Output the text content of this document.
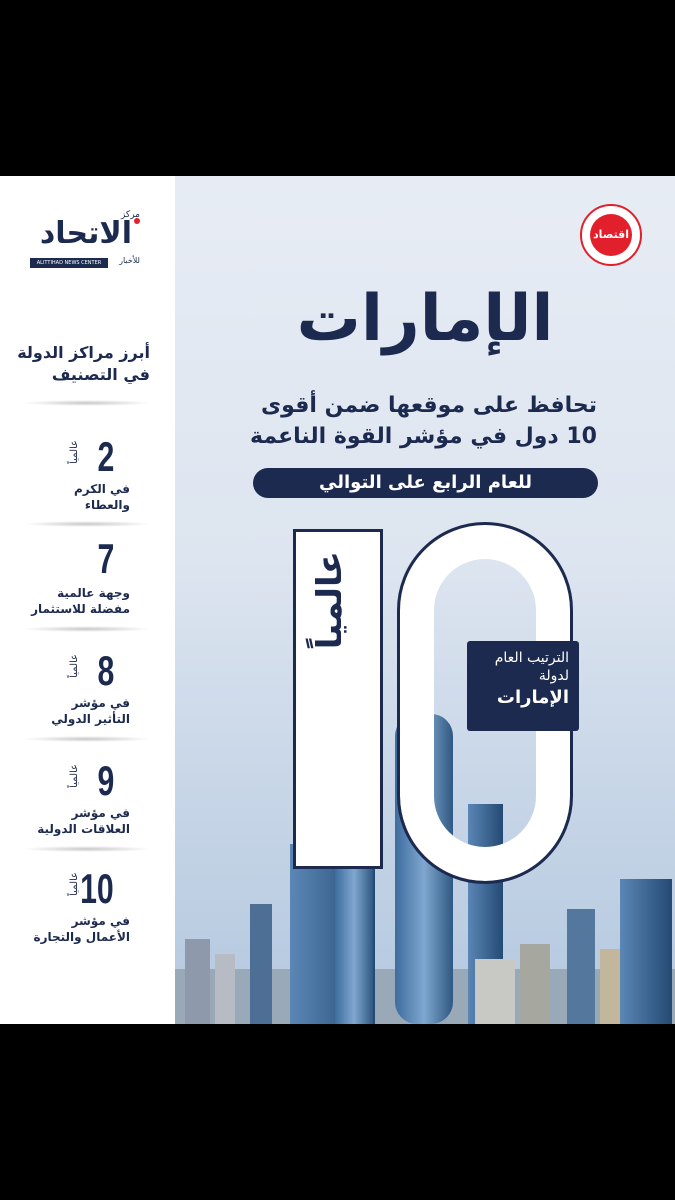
مركز
الاتحاد
للأخبار
ALITTIHAD NEWS CENTER
أبرز مراكز الدولة
في التصنيف
2
عالمياً
في الكرم
والعطاء
7
وجهة عالمية
مفضلة للاستثمار
8
عالمياً
في مؤشر
التأثير الدولي
9
عالمياً
في مؤشر
العلاقات الدولية
10
عالمياً
في مؤشر
الأعمال والتجارة
اقتصاد
الإمارات
تحافظ على موقعها ضمن أقوى
10 دول في مؤشر القوة الناعمة
للعام الرابع على التوالي
عالمياً
الترتيب العام
لدولة
الإمارات
